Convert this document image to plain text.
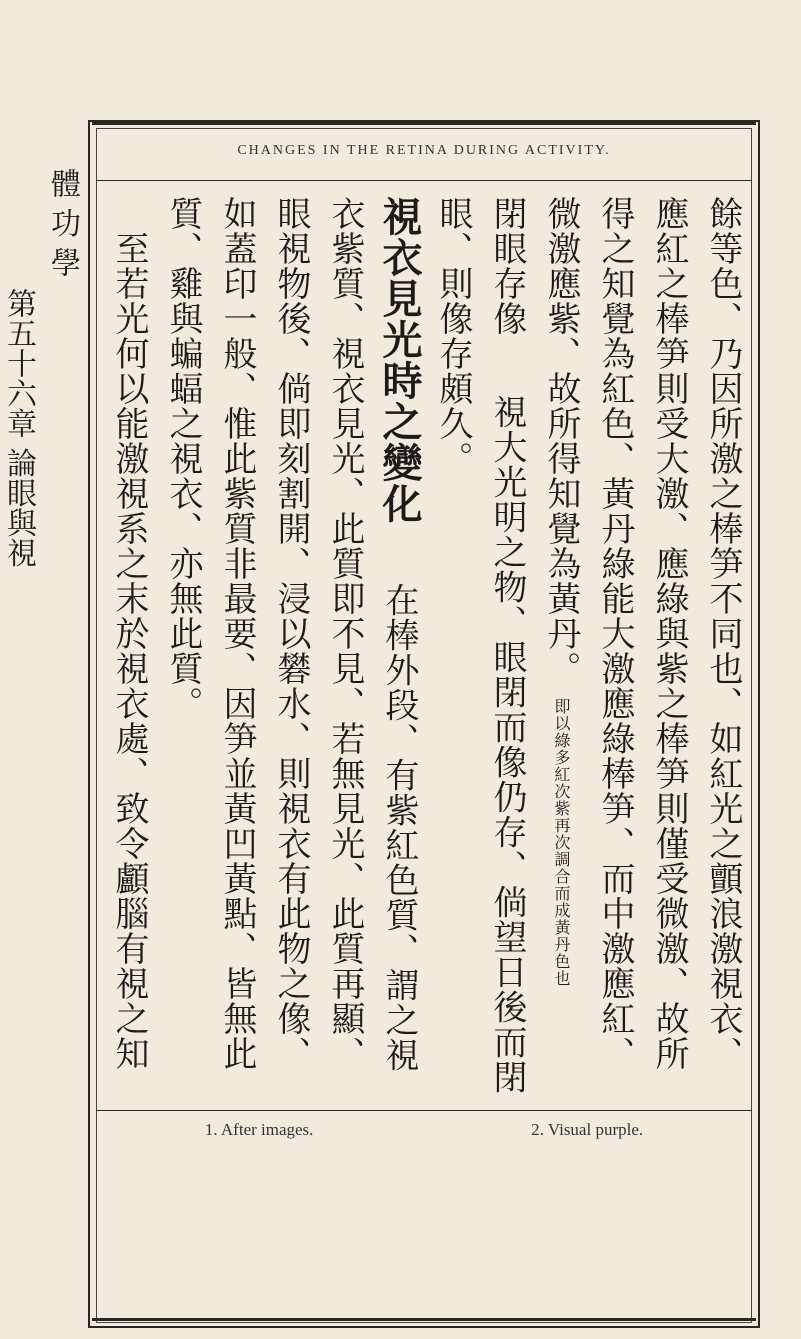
CHANGES IN THE RETINA DURING ACTIVITY.
體 功 學
第五十六章 論眼與視	餘等色、乃因所激之棒笋不同也、如紅光之顫浪激視衣、應紅之棒笋則受大激、應綠與紫之棒笋則僅受微激、故所得之知覺為紅色、黃丹綠能大激應綠棒笋、而中激應紅、微激應紫、故所得知覺為黃丹。 即以綠多紅次紫再次調合而成黃丹色也
閉眼存像 　 視大光明之物、眼閉而像仍存、倘望日後而閉眼、則像存頗久。
視衣見光時之變化 　 在棒外段、有紫紅色質、謂之視衣紫質、視衣見光、此質即不見、若無見光、此質再顯、眼視物後、倘即刻割開、浸以礬水、則視衣有此物之像、如蓋印一般、惟此紫質非最要、因笋並黃凹黃點、皆無此質、雞與蝙蝠之視衣、亦無此質。
　至若光何以能激視系之末於視衣處、致令顱腦有視之知

1. After images.	2. Visual purple.
